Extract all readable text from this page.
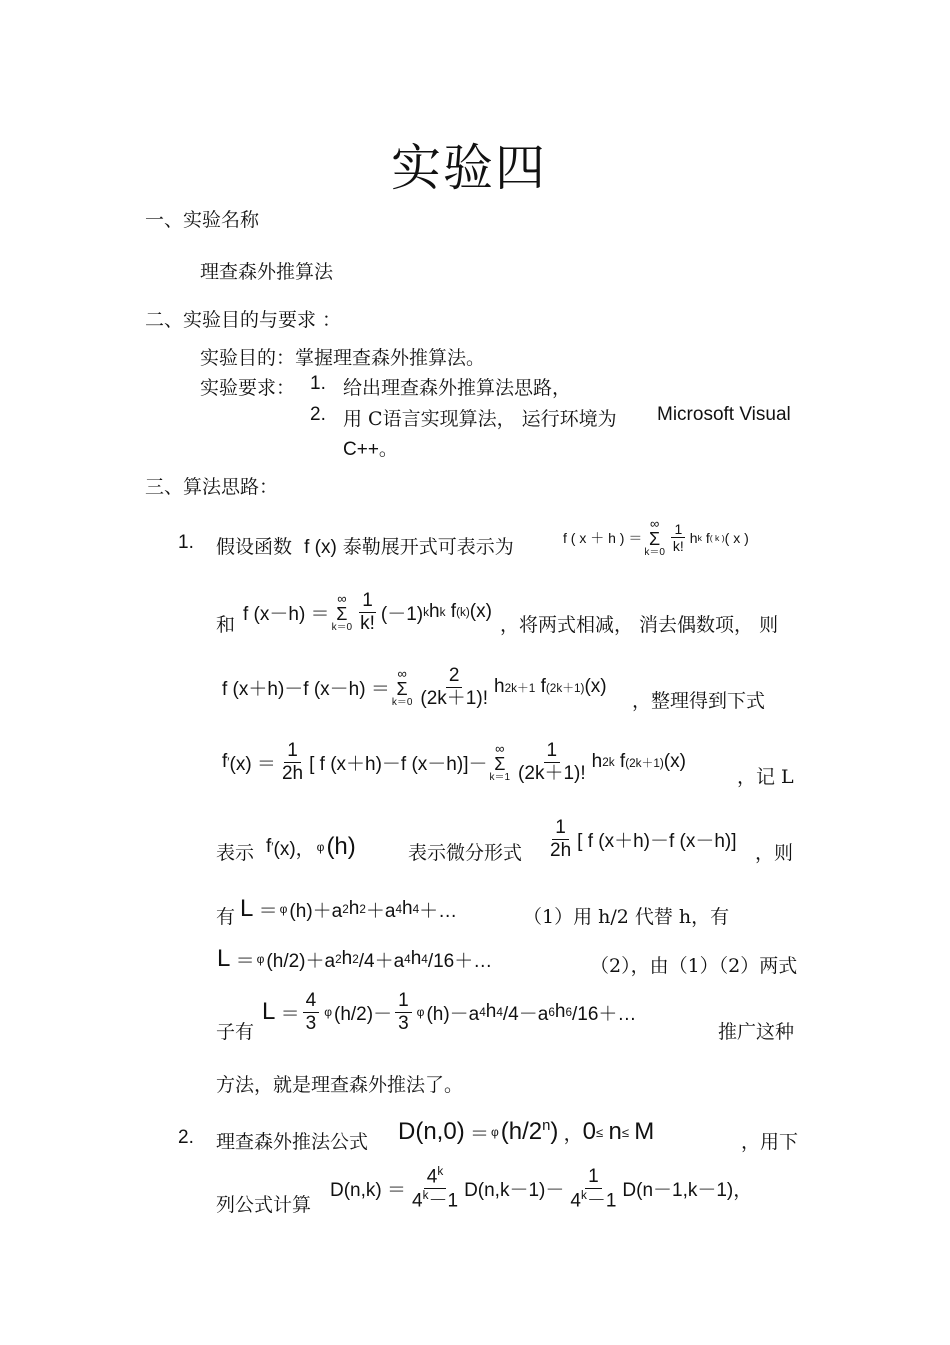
实验四
一、实验名称
理查森外推算法
二、实验目的与要求 ：
实验目的：掌握理查森外推算法。
实验要求： 1. 给出理查森外推算法思路，
2. 用 C语言实现算法， 运行环境为 Microsoft Visual
C++。
三、算法思路：
1. 假设函数 f (x) 泰勒展开式可表示为	f ( x ＋ h ) ＝
∞
Σ
$k=0 \frac{1}{k!}$ h k f ( k ) ( x )
和 f (x－h) ＝
∞
Σ
$k=0 \frac{1}{k!} (-1)$ k h k f (k) (x)
，将两式相减， 消去偶数项， 则
f (x＋h)－f (x－h) ＝
∞
Σ
$k=0 \frac{2}{(2k+1)!}$ h 2k＋1 f (2k＋1) (x)
，整理得到下式
f ′ $(x) = \frac{1}{2h}$ [ f (x＋h)－f (x－h)]－
∞
Σ
$k=1 \frac{1}{(2k+1)!}$ h 2k f (2k＋1) (x)
，记 L
表示 f ′ (x)， φ (h)	表示微分形式 $\frac{1}{2h}$ [ f (x＋h)－f (x－h)]
，则
有 L ＝ φ (h)＋a 2 h 2 ＋a 4 h 4 ＋…	（1）用 h/2 代替 h，有
L ＝ φ (h/2)＋a 2 h 2 /4＋a 4 h 4 /16＋…	（2），由（1）（2）两式
子有
$L = \frac{4}{3}$ φ $(h/2)- \frac{1}{3}$ φ (h)－a 4 h 4 /4－a 6 h 6 /16＋…
推广这种
方法，就是理查森外推法了。
2. 理查森外推法公式 D(n,0) ＝ φ (h/2$^n$) ， 0 ≤
n ≤
M	，用下
列公式计算
$D(n,k) = \frac{4^k}{4^k-1} D(n,k-1)- \frac{1}{4^k-1} D(n-1,k-1)$，
